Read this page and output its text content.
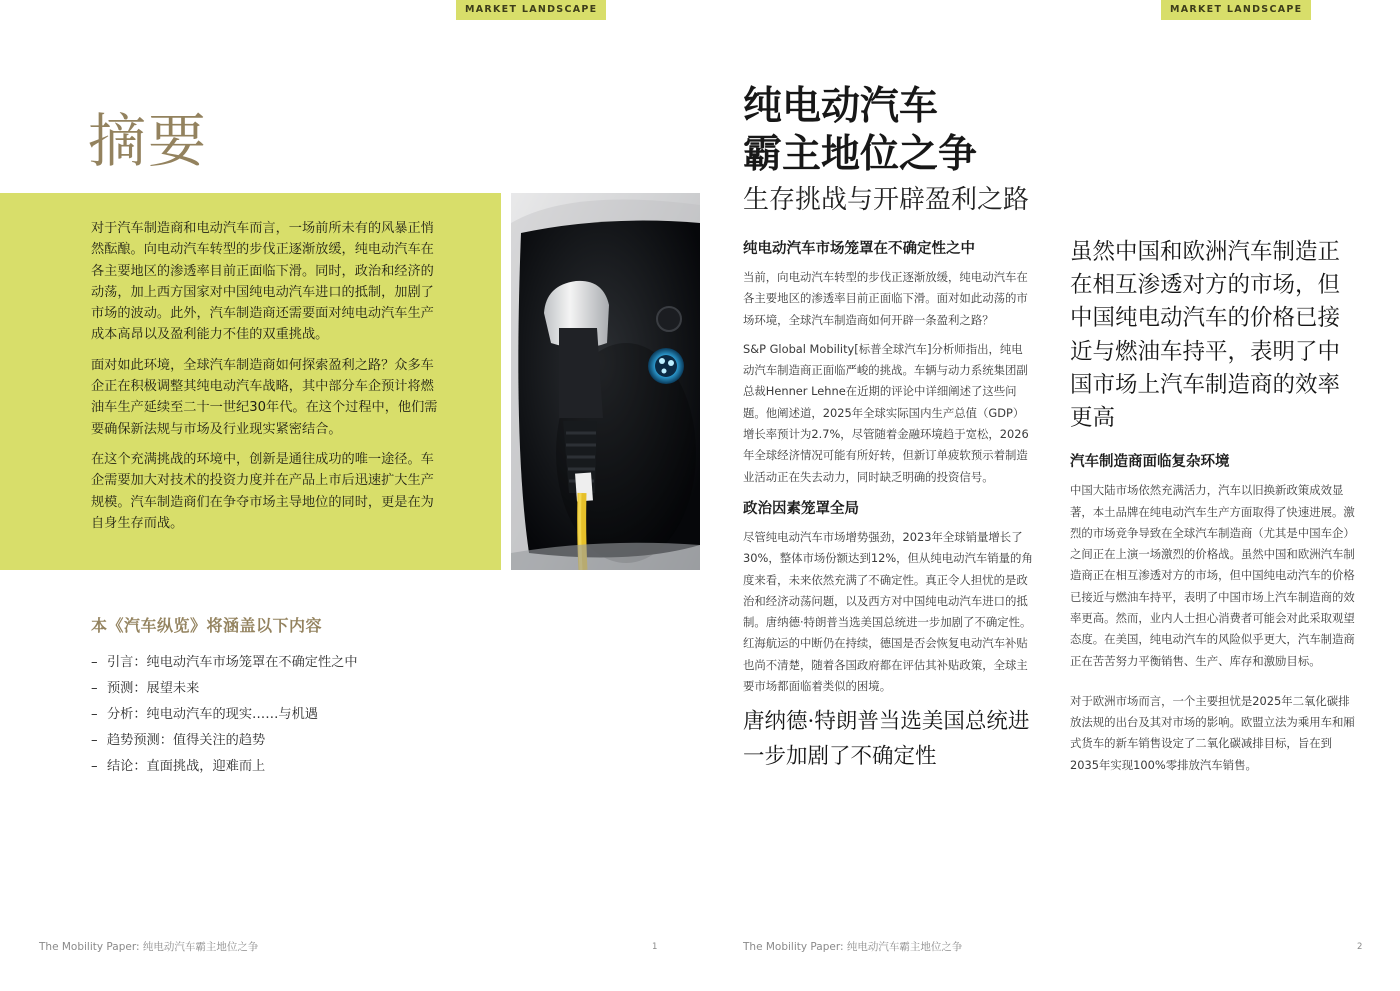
MARKET LANDSCAPE
摘要

对于汽车制造商和电动汽车而言，一场前所未有的风暴正悄然酝酿。向电动汽车转型的步伐正逐渐放缓，纯电动汽车在各主要地区的渗透率目前正面临下滑。同时，政治和经济的动荡，加上西方国家对中国纯电动汽车进口的抵制，加剧了市场的波动。此外，汽车制造商还需要面对纯电动汽车生产成本高昂以及盈利能力不佳的双重挑战。

面对如此环境，全球汽车制造商如何探索盈利之路？众多车企正在积极调整其纯电动汽车战略，其中部分车企预计将燃油车生产延续至二十一世纪30年代。在这个过程中，他们需要确保新法规与市场及行业现实紧密结合。

在这个充满挑战的环境中，创新是通往成功的唯一途径。车企需要加大对技术的投资力度并在产品上市后迅速扩大生产规模。汽车制造商们在争夺市场主导地位的同时，更是在为自身生存而战。

本《汽车纵览》将涵盖以下内容
– 引言：纯电动汽车市场笼罩在不确定性之中
– 预测：展望未来
– 分析：纯电动汽车的现实……与机遇
– 趋势预测：值得关注的趋势
– 结论：直面挑战，迎难而上
The Mobility Paper: 纯电动汽车霸主地位之争	1
MARKET LANDSCAPE
纯电动汽车
霸主地位之争
生存挑战与开辟盈利之路
纯电动汽车市场笼罩在不确定性之中

当前，向电动汽车转型的步伐正逐渐放缓，纯电动汽车在各主要地区的渗透率目前正面临下滑。面对如此动荡的市场环境，全球汽车制造商如何开辟一条盈利之路？

S&P Global Mobility[标普全球汽车]分析师指出，纯电动汽车制造商正面临严峻的挑战。车辆与动力系统集团副总裁Henner Lehne在近期的评论中详细阐述了这些问题。他阐述道，2025年全球实际国内生产总值（GDP）增长率预计为2.7%，尽管随着金融环境趋于宽松，2026年全球经济情况可能有所好转，但新订单疲软预示着制造业活动正在失去动力，同时缺乏明确的投资信号。

政治因素笼罩全局

尽管纯电动汽车市场增势强劲，2023年全球销量增长了30%，整体市场份额达到12%，但从纯电动汽车销量的角度来看，未来依然充满了不确定性。真正令人担忧的是政治和经济动荡问题，以及西方对中国纯电动汽车进口的抵制。唐纳德·特朗普当选美国总统进一步加剧了不确定性。红海航运的中断仍在持续，德国是否会恢复电动汽车补贴也尚不清楚，随着各国政府都在评估其补贴政策，全球主要市场都面临着类似的困境。

唐纳德·特朗普当选美国总统进一步加剧了不确定性
虽然中国和欧洲汽车制造正在相互渗透对方的市场，但中国纯电动汽车的价格已接近与燃油车持平，表明了中国市场上汽车制造商的效率更高
汽车制造商面临复杂环境

中国大陆市场依然充满活力，汽车以旧换新政策成效显著，本土品牌在纯电动汽车生产方面取得了快速进展。激烈的市场竞争导致在全球汽车制造商（尤其是中国车企）之间正在上演一场激烈的价格战。虽然中国和欧洲汽车制造商正在相互渗透对方的市场，但中国纯电动汽车的价格已接近与燃油车持平，表明了中国市场上汽车制造商的效率更高。然而，业内人士担心消费者可能会对此采取观望态度。在美国，纯电动汽车的风险似乎更大，汽车制造商正在苦苦努力平衡销售、生产、库存和激励目标。

对于欧洲市场而言，一个主要担忧是2025年二氧化碳排放法规的出台及其对市场的影响。欧盟立法为乘用车和厢式货车的新车销售设定了二氧化碳减排目标，旨在到2035年实现100%零排放汽车销售。

The Mobility Paper: 纯电动汽车霸主地位之争	2
